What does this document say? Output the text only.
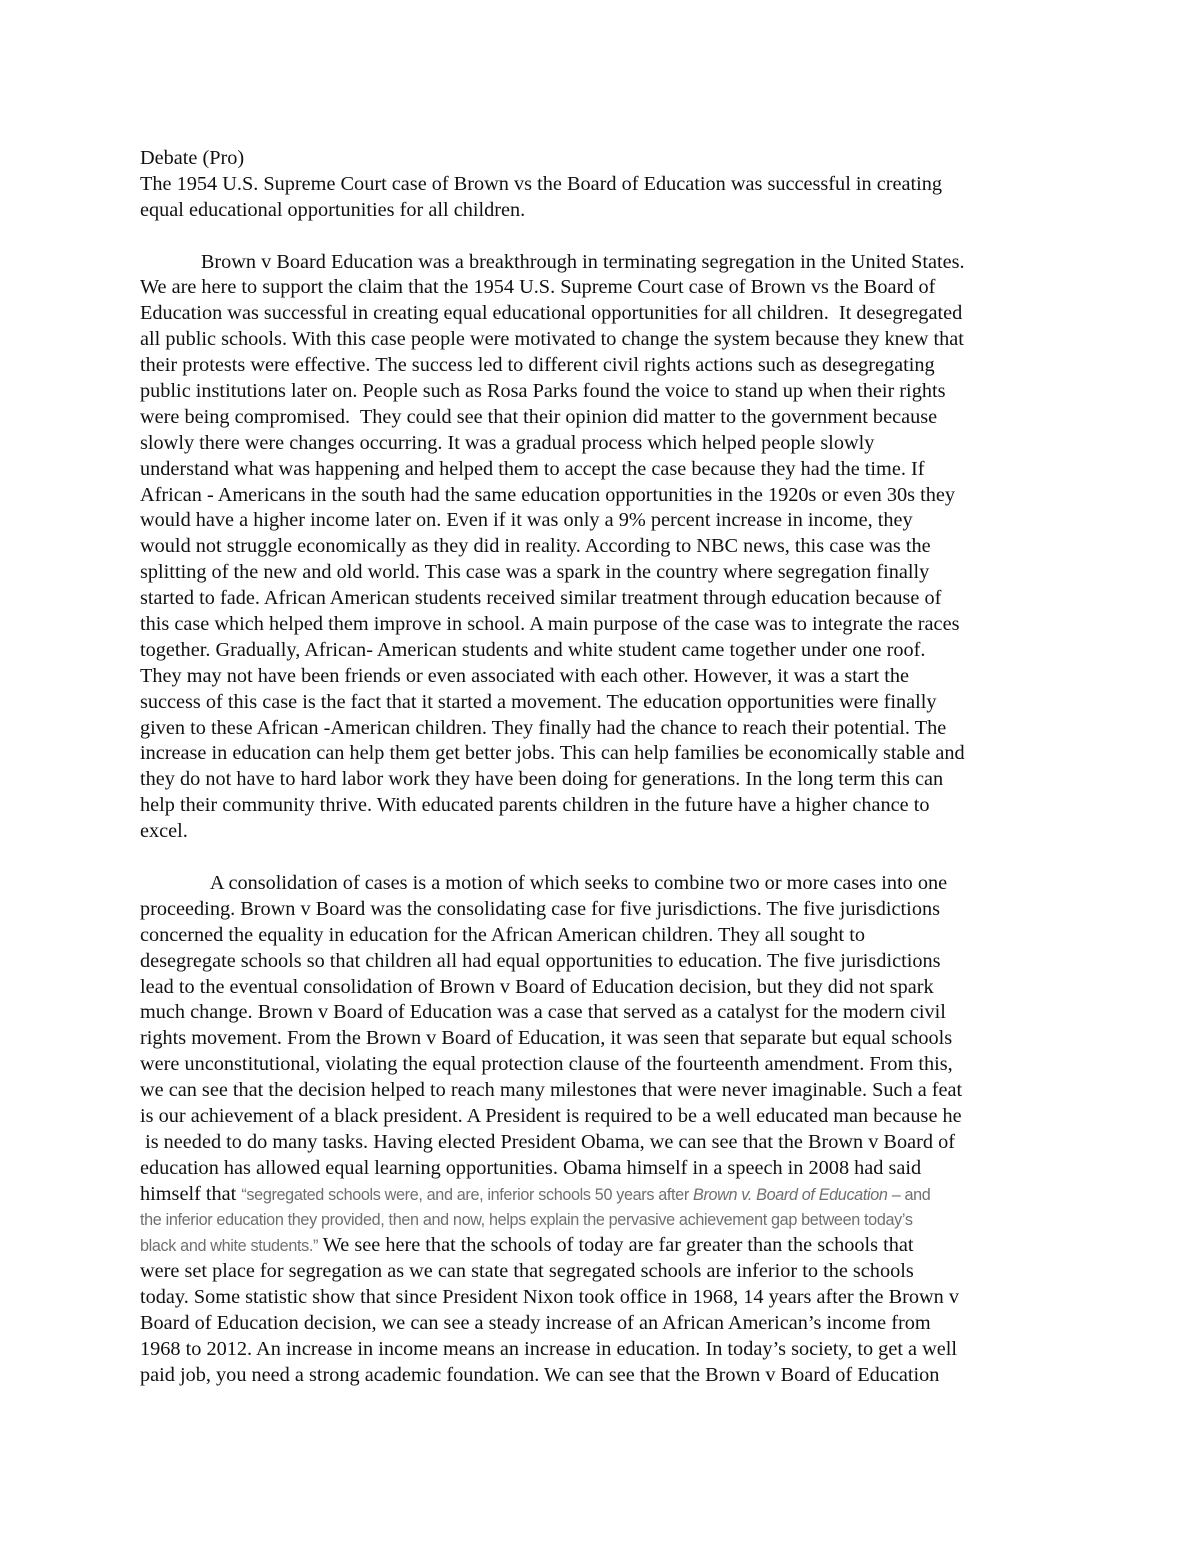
Debate (Pro)
The 1954 U.S. Supreme Court case of Brown vs the Board of Education was successful in creating
equal educational opportunities for all children.
Brown v Board Education was a breakthrough in terminating segregation in the United States.
We are here to support the claim that the 1954 U.S. Supreme Court case of Brown vs the Board of
Education was successful in creating equal educational opportunities for all children.  It desegregated
all public schools. With this case people were motivated to change the system because they knew that
their protests were effective. The success led to different civil rights actions such as desegregating
public institutions later on. People such as Rosa Parks found the voice to stand up when their rights
were being compromised.  They could see that their opinion did matter to the government because
slowly there were changes occurring. It was a gradual process which helped people slowly
understand what was happening and helped them to accept the case because they had the time. If
African - Americans in the south had the same education opportunities in the 1920s or even 30s they
would have a higher income later on. Even if it was only a 9% percent increase in income, they
would not struggle economically as they did in reality. According to NBC news, this case was the
splitting of the new and old world. This case was a spark in the country where segregation finally
started to fade. African American students received similar treatment through education because of
this case which helped them improve in school. A main purpose of the case was to integrate the races
together. Gradually, African- American students and white student came together under one roof.
They may not have been friends or even associated with each other. However, it was a start the
success of this case is the fact that it started a movement. The education opportunities were finally
given to these African -American children. They finally had the chance to reach their potential. The
increase in education can help them get better jobs. This can help families be economically stable and
they do not have to hard labor work they have been doing for generations. In the long term this can
help their community thrive. With educated parents children in the future have a higher chance to
excel.
A consolidation of cases is a motion of which seeks to combine two or more cases into one
proceeding. Brown v Board was the consolidating case for five jurisdictions. The five jurisdictions
concerned the equality in education for the African American children. They all sought to
desegregate schools so that children all had equal opportunities to education. The five jurisdictions
lead to the eventual consolidation of Brown v Board of Education decision, but they did not spark
much change. Brown v Board of Education was a case that served as a catalyst for the modern civil
rights movement. From the Brown v Board of Education, it was seen that separate but equal schools
were unconstitutional, violating the equal protection clause of the fourteenth amendment. From this,
we can see that the decision helped to reach many milestones that were never imaginable. Such a feat
is our achievement of a black president. A President is required to be a well educated man because he
is needed to do many tasks. Having elected President Obama, we can see that the Brown v Board of
education has allowed equal learning opportunities. Obama himself in a speech in 2008 had said
himself that “segregated schools were, and are, inferior schools 50 years after Brown v. Board of Education – and
the inferior education they provided, then and now, helps explain the pervasive achievement gap between today’s
black and white students.” We see here that the schools of today are far greater than the schools that
were set place for segregation as we can state that segregated schools are inferior to the schools
today. Some statistic show that since President Nixon took office in 1968, 14 years after the Brown v
Board of Education decision, we can see a steady increase of an African American’s income from
1968 to 2012. An increase in income means an increase in education. In today’s society, to get a well
paid job, you need a strong academic foundation. We can see that the Brown v Board of Education
